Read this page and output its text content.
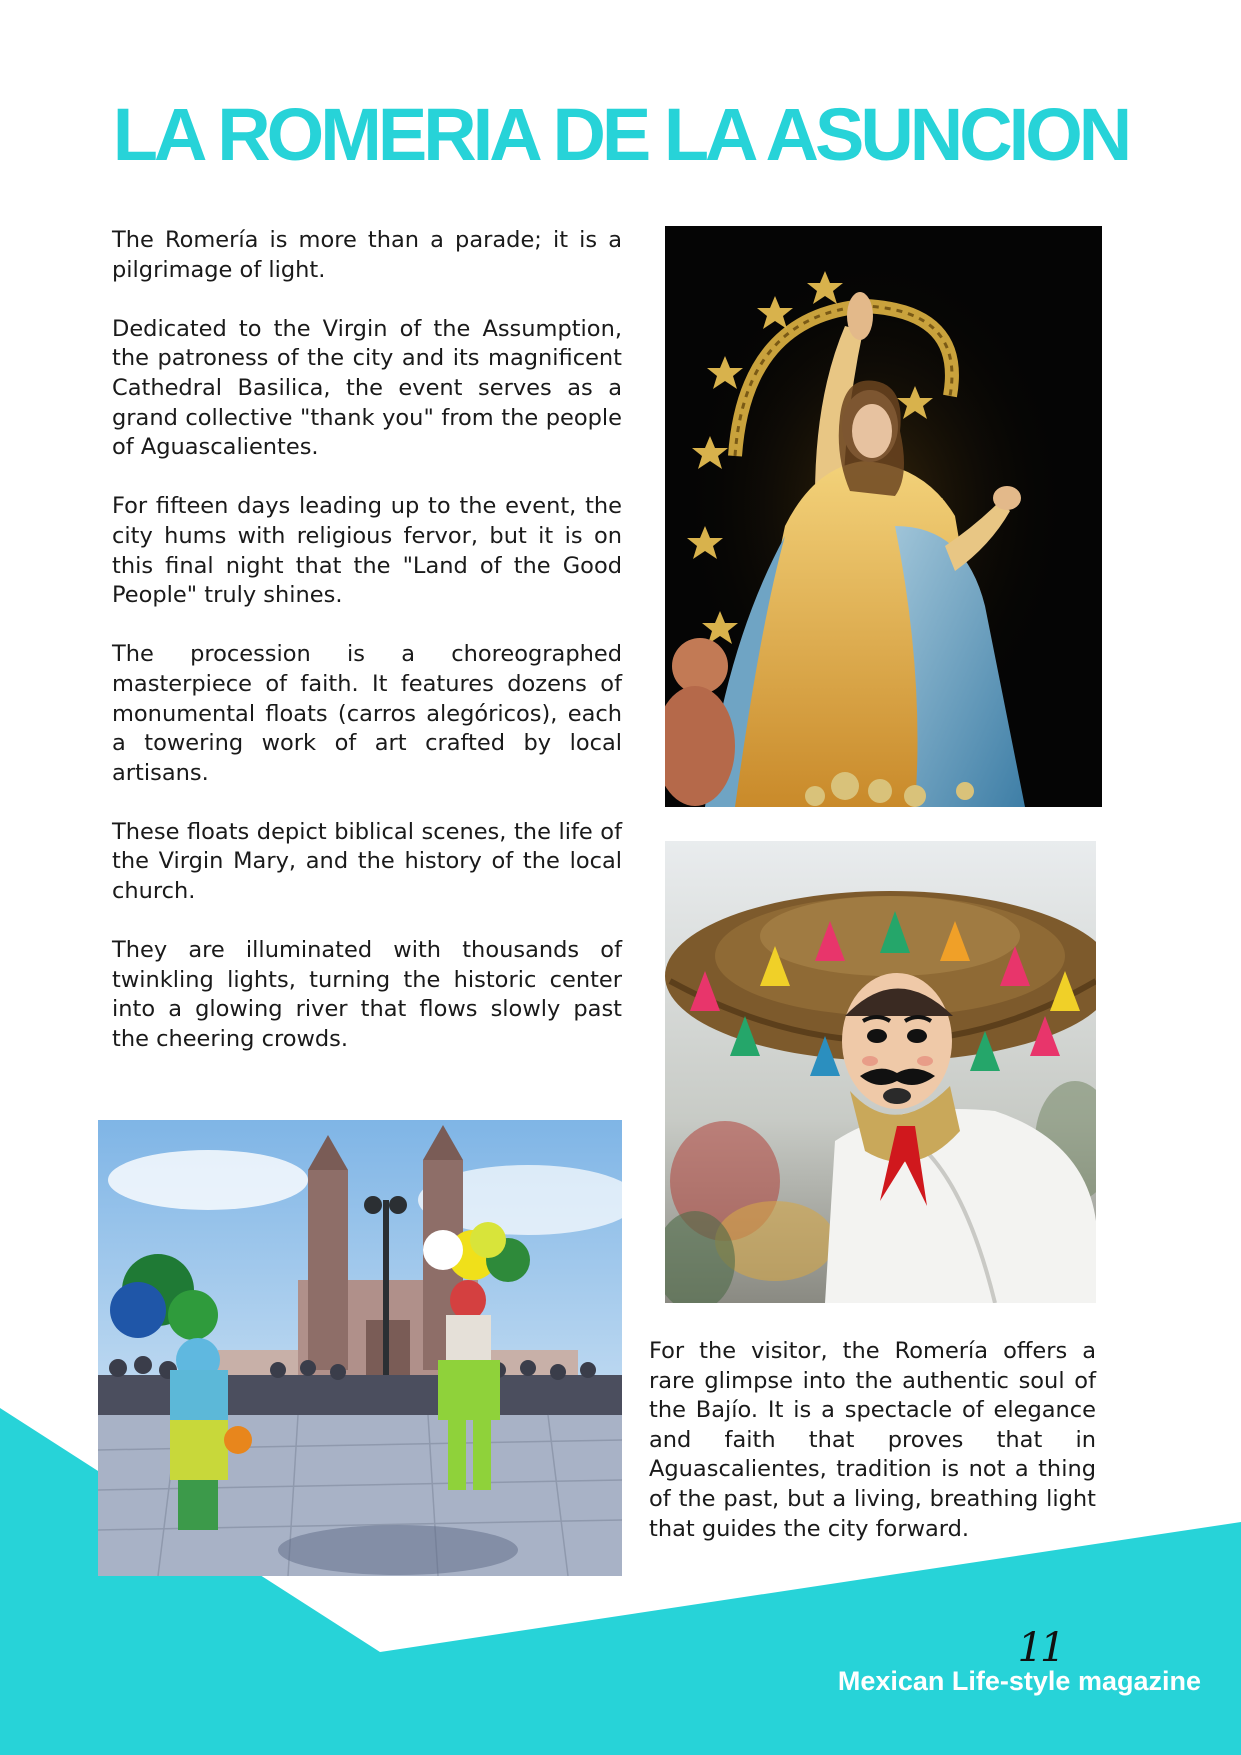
LA ROMERIA DE LA ASUNCION

The Romería is more than a parade; it is a pilgrimage of light.

Dedicated to the Virgin of the Assumption, the patroness of the city and its magnificent Cathedral Basilica, the event serves as a grand collective "thank you" from the people of Aguascalientes.

For fifteen days leading up to the event, the city hums with religious fervor, but it is on this final night that the "Land of the Good People" truly shines.

The procession is a choreographed masterpiece of faith. It features dozens of monumental floats (carros alegóricos), each a towering work of art crafted by local artisans.

These floats depict biblical scenes, the life of the Virgin Mary, and the history of the local church.

They are illuminated with thousands of twinkling lights, turning the historic center into a glowing river that flows slowly past the cheering crowds.

For the visitor, the Romería offers a rare glimpse into the authentic soul of the Bajío. It is a spectacle of elegance and faith that proves that in Aguascalientes, tradition is not a thing of the past, but a living, breathing light that guides the city forward.

11
Mexican Life-style magazine
